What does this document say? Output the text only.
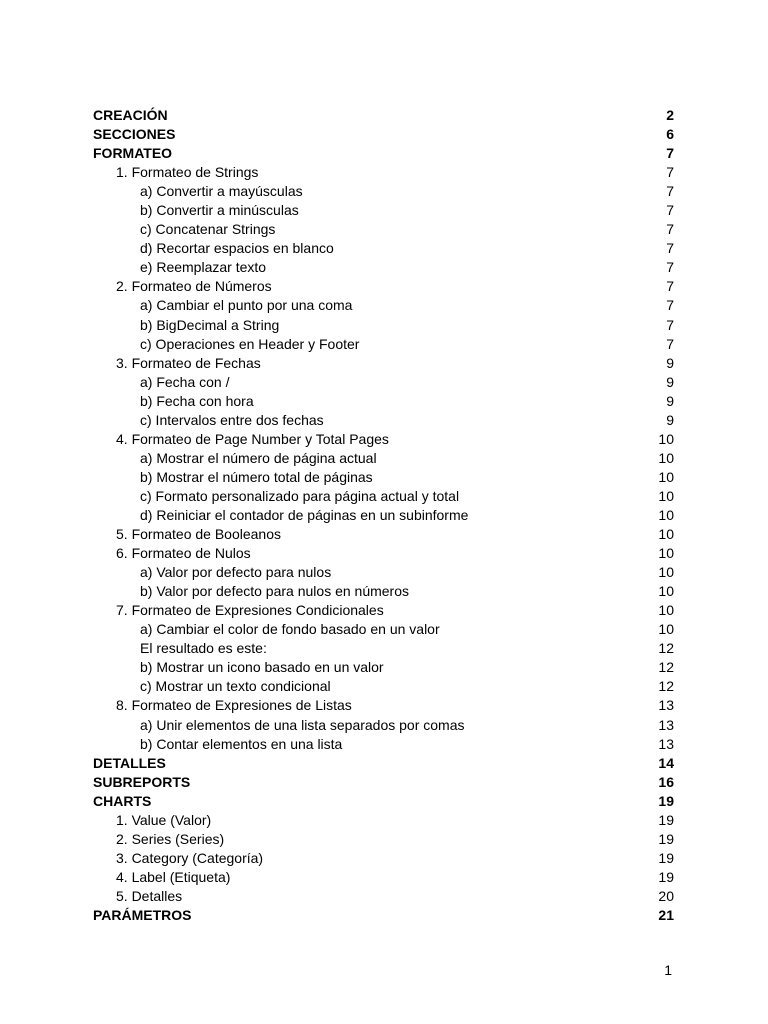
CREACIÓN	2
SECCIONES	6
FORMATEO	7
1. Formateo de Strings	7
a) Convertir a mayúsculas	7
b) Convertir a minúsculas	7
c) Concatenar Strings	7
d) Recortar espacios en blanco	7
e) Reemplazar texto	7
2. Formateo de Números	7
a) Cambiar el punto por una coma	7
b) BigDecimal a String	7
c) Operaciones en Header y Footer	7
3. Formateo de Fechas	9
a) Fecha con /	9
b) Fecha con hora	9
c) Intervalos entre dos fechas	9
4. Formateo de Page Number y Total Pages	10
a) Mostrar el número de página actual	10
b) Mostrar el número total de páginas	10
c) Formato personalizado para página actual y total	10
d) Reiniciar el contador de páginas en un subinforme	10
5. Formateo de Booleanos	10
6. Formateo de Nulos	10
a) Valor por defecto para nulos	10
b) Valor por defecto para nulos en números	10
7. Formateo de Expresiones Condicionales	10
a) Cambiar el color de fondo basado en un valor	10
El resultado es este:	12
b) Mostrar un icono basado en un valor	12
c) Mostrar un texto condicional	12
8. Formateo de Expresiones de Listas	13
a) Unir elementos de una lista separados por comas	13
b) Contar elementos en una lista	13
DETALLES	14
SUBREPORTS	16
CHARTS	19
1. Value (Valor)	19
2. Series (Series)	19
3. Category (Categoría)	19
4. Label (Etiqueta)	19
5. Detalles	20
PARÁMETROS	21
1
